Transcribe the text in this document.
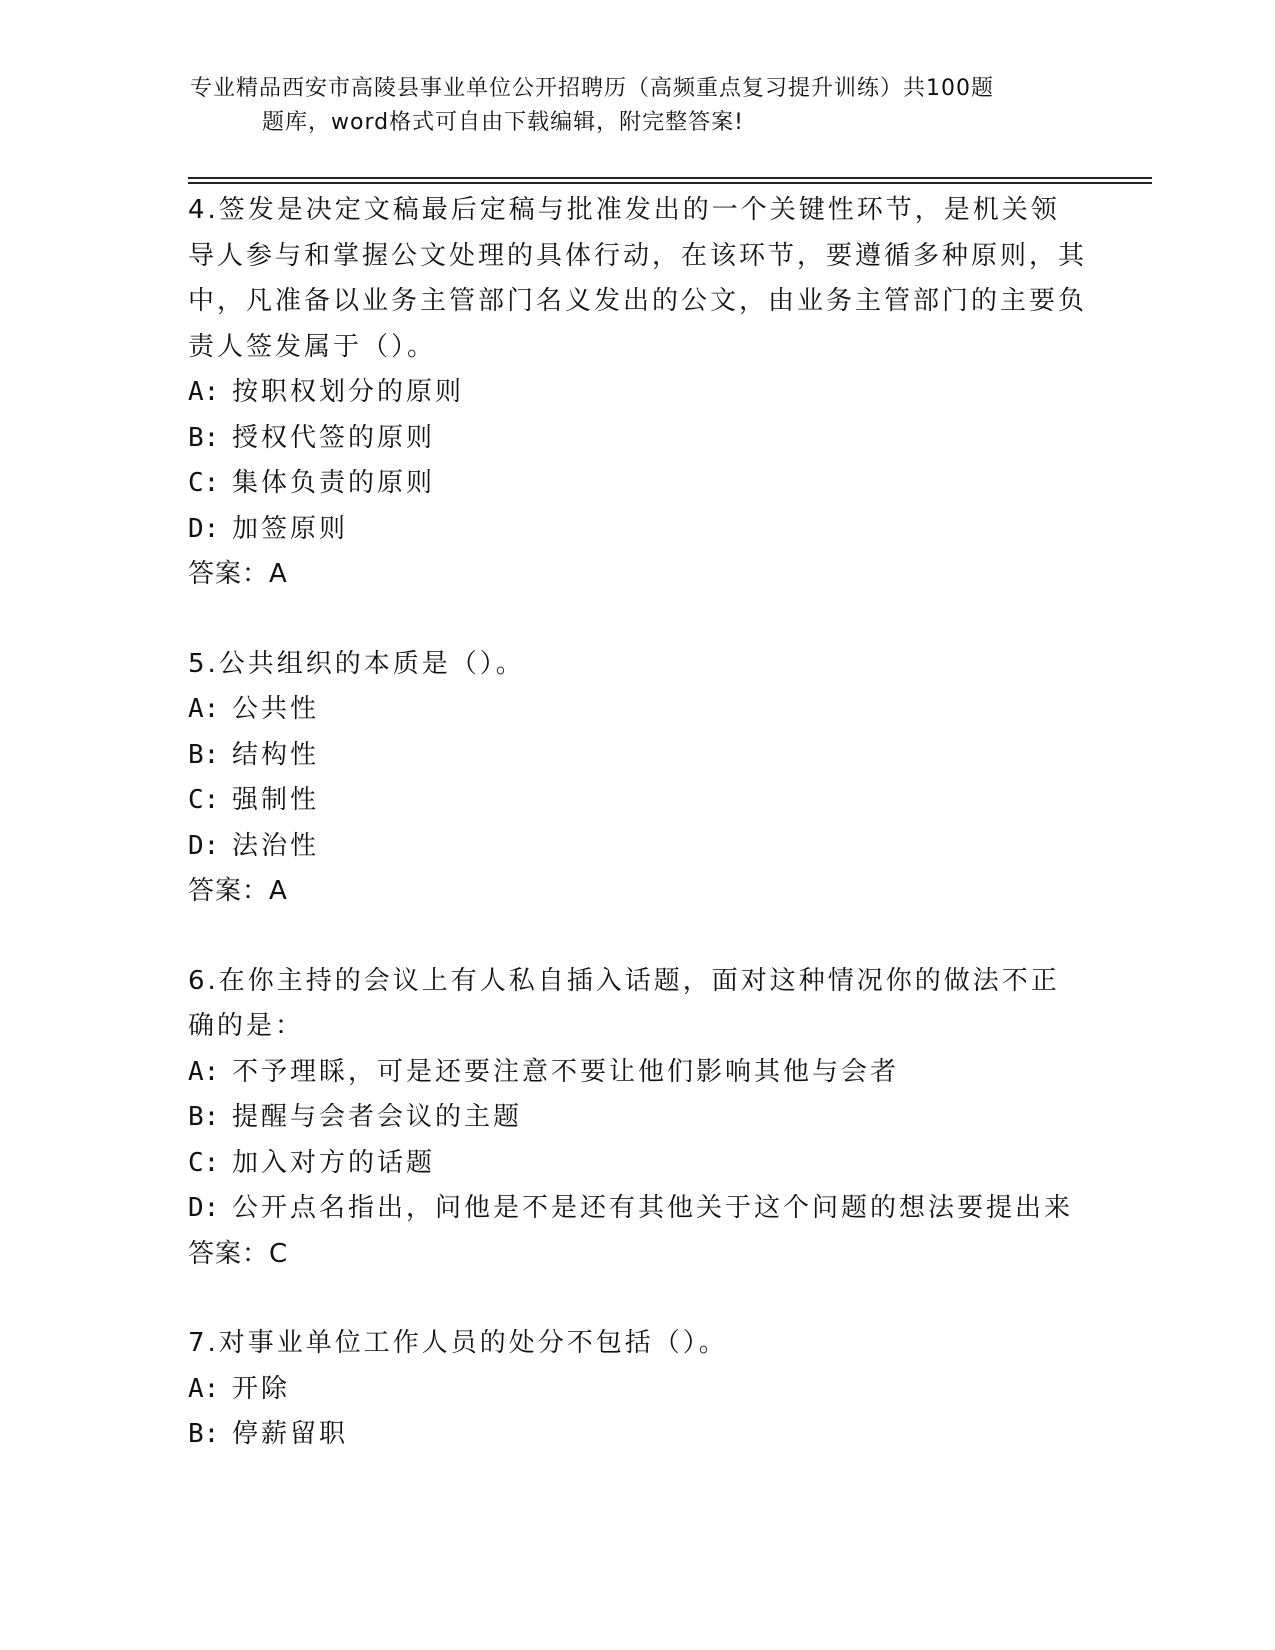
专业精品西安市高陵县事业单位公开招聘历（高频重点复习提升训练）共100题
题库，word格式可自由下载编辑，附完整答案!
4.签发是决定文稿最后定稿与批准发出的一个关键性环节，是机关领导人参与和掌握公文处理的具体行动，在该环节，要遵循多种原则，其中，凡准备以业务主管部门名义发出的公文，由业务主管部门的主要负责人签发属于（）。
A: 按职权划分的原则
B: 授权代签的原则
C: 集体负责的原则
D: 加签原则
答案：A
5.公共组织的本质是（）。
A: 公共性
B: 结构性
C: 强制性
D: 法治性
答案：A
6.在你主持的会议上有人私自插入话题，面对这种情况你的做法不正确的是：
A: 不予理睬，可是还要注意不要让他们影响其他与会者
B: 提醒与会者会议的主题
C: 加入对方的话题
D: 公开点名指出，问他是不是还有其他关于这个问题的想法要提出来
答案：C
7.对事业单位工作人员的处分不包括（）。
A: 开除
B: 停薪留职
